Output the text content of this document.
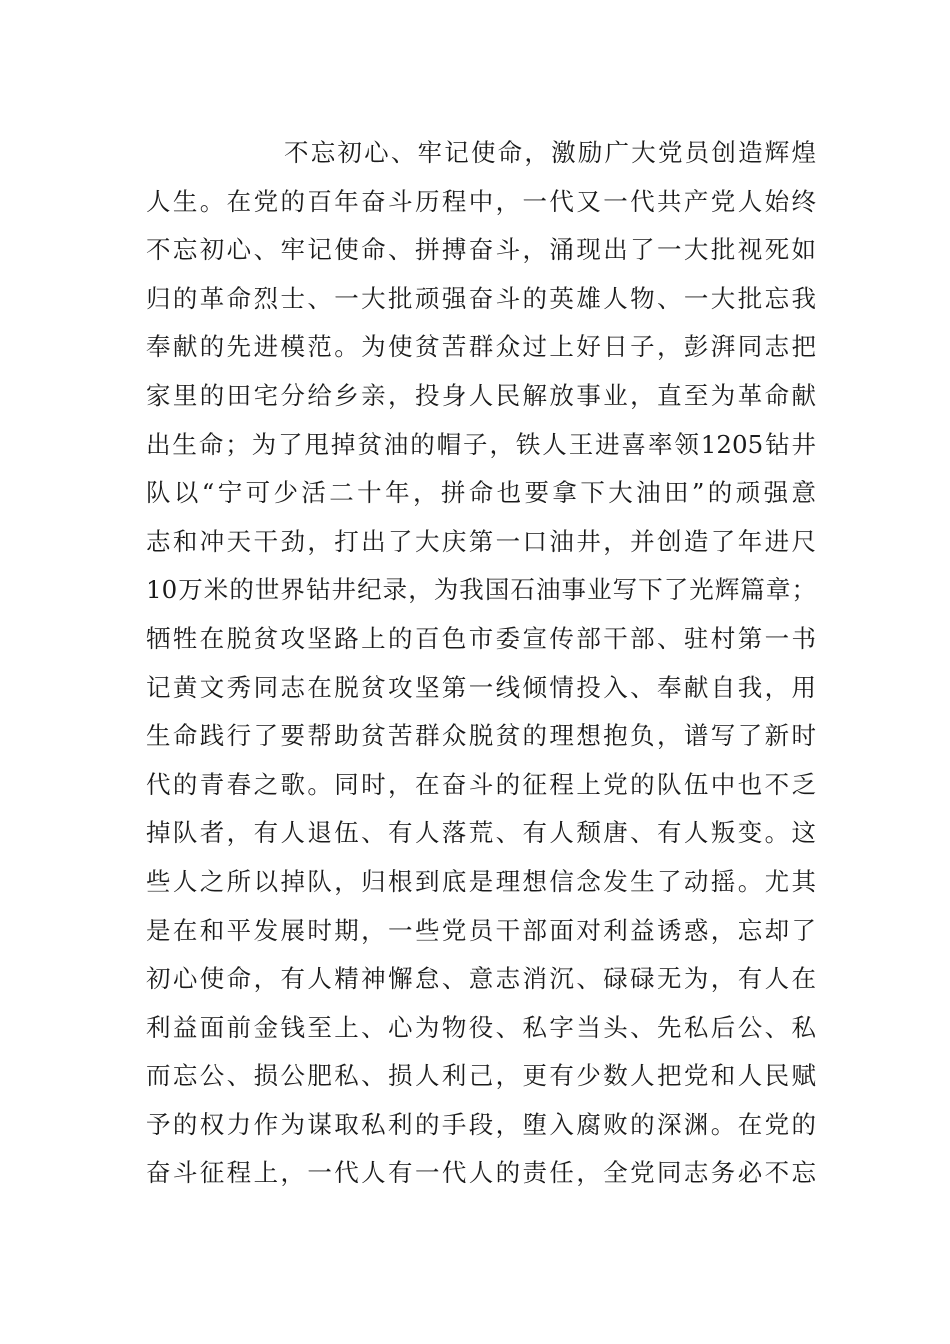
不忘初心、牢记使命，激励广大党员创造辉煌
人生。在党的百年奋斗历程中，一代又一代共产党人始终
不忘初心、牢记使命、拼搏奋斗，涌现出了一大批视死如
归的革命烈士、一大批顽强奋斗的英雄人物、一大批忘我
奉献的先进模范。为使贫苦群众过上好日子，彭湃同志把
家里的田宅分给乡亲，投身人民解放事业，直至为革命献
出生命；为了甩掉贫油的帽子，铁人王进喜率领1205钻井
队以“宁可少活二十年，拼命也要拿下大油田”的顽强意
志和冲天干劲，打出了大庆第一口油井，并创造了年进尺
10万米的世界钻井纪录，为我国石油事业写下了光辉篇章；
牺牲在脱贫攻坚路上的百色市委宣传部干部、驻村第一书
记黄文秀同志在脱贫攻坚第一线倾情投入、奉献自我，用
生命践行了要帮助贫苦群众脱贫的理想抱负，谱写了新时
代的青春之歌。同时，在奋斗的征程上党的队伍中也不乏
掉队者，有人退伍、有人落荒、有人颓唐、有人叛变。这
些人之所以掉队，归根到底是理想信念发生了动摇。尤其
是在和平发展时期，一些党员干部面对利益诱惑，忘却了
初心使命，有人精神懈怠、意志消沉、碌碌无为，有人在
利益面前金钱至上、心为物役、私字当头、先私后公、私
而忘公、损公肥私、损人利己，更有少数人把党和人民赋
予的权力作为谋取私利的手段，堕入腐败的深渊。在党的
奋斗征程上，一代人有一代人的责任，全党同志务必不忘
